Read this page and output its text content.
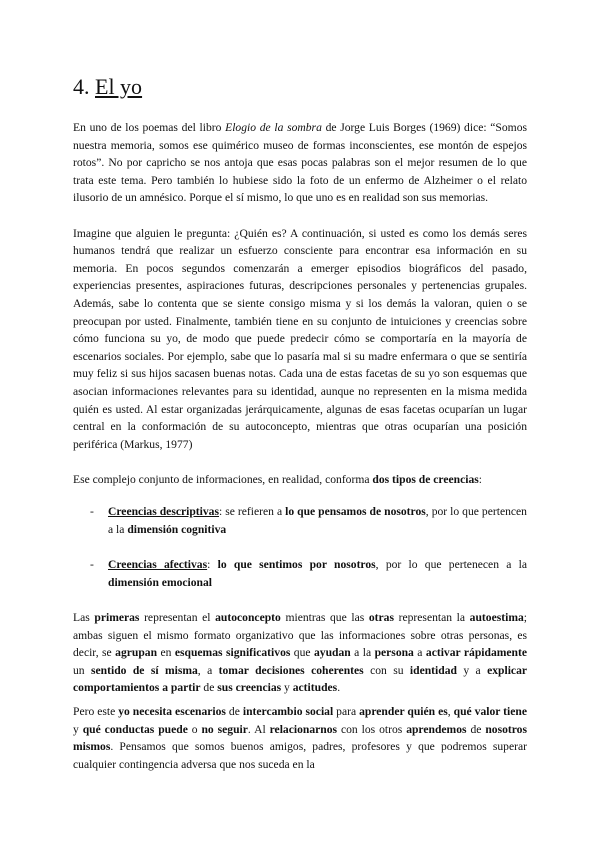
4. El yo

En uno de los poemas del libro Elogio de la sombra de Jorge Luis Borges (1969) dice: “Somos nuestra memoria, somos ese quimérico museo de formas inconscientes, ese montón de espejos rotos”. No por capricho se nos antoja que esas pocas palabras son el mejor resumen de lo que trata este tema. Pero también lo hubiese sido la foto de un enfermo de Alzheimer o el relato ilusorio de un amnésico. Porque el sí mismo, lo que uno es en realidad son sus memorias.

Imagine que alguien le pregunta: ¿Quién es? A continuación, si usted es como los demás seres humanos tendrá que realizar un esfuerzo consciente para encontrar esa información en su memoria. En pocos segundos comenzarán a emerger episodios biográficos del pasado, experiencias presentes, aspiraciones futuras, descripciones personales y pertenencias grupales. Además, sabe lo contenta que se siente consigo misma y si los demás la valoran, quien o se preocupan por usted. Finalmente, también tiene en su conjunto de intuiciones y creencias sobre cómo funciona su yo, de modo que puede predecir cómo se comportaría en la mayoría de escenarios sociales. Por ejemplo, sabe que lo pasaría mal si su madre enfermara o que se sentiría muy feliz si sus hijos sacasen buenas notas. Cada una de estas facetas de su yo son esquemas que asocian informaciones relevantes para su identidad, aunque no representen en la misma medida quién es usted. Al estar organizadas jerárquicamente, algunas de esas facetas ocuparían un lugar central en la conformación de su autoconcepto, mientras que otras ocuparían una posición periférica (Markus, 1977)

Ese complejo conjunto de informaciones, en realidad, conforma dos tipos de creencias:

- Creencias descriptivas: se refieren a lo que pensamos de nosotros, por lo que pertencen a la dimensión cognitiva
- Creencias afectivas: lo que sentimos por nosotros, por lo que pertenecen a la dimensión emocional

Las primeras representan el autoconcepto mientras que las otras representan la autoestima; ambas siguen el mismo formato organizativo que las informaciones sobre otras personas, es decir, se agrupan en esquemas significativos que ayudan a la persona a activar rápidamente un sentido de sí misma, a tomar decisiones coherentes con su identidad y a explicar comportamientos a partir de sus creencias y actitudes.

Pero este yo necesita escenarios de intercambio social para aprender quién es, qué valor tiene y qué conductas puede o no seguir. Al relacionarnos con los otros aprendemos de nosotros mismos. Pensamos que somos buenos amigos, padres, profesores y que podremos superar cualquier contingencia adversa que nos suceda en la
